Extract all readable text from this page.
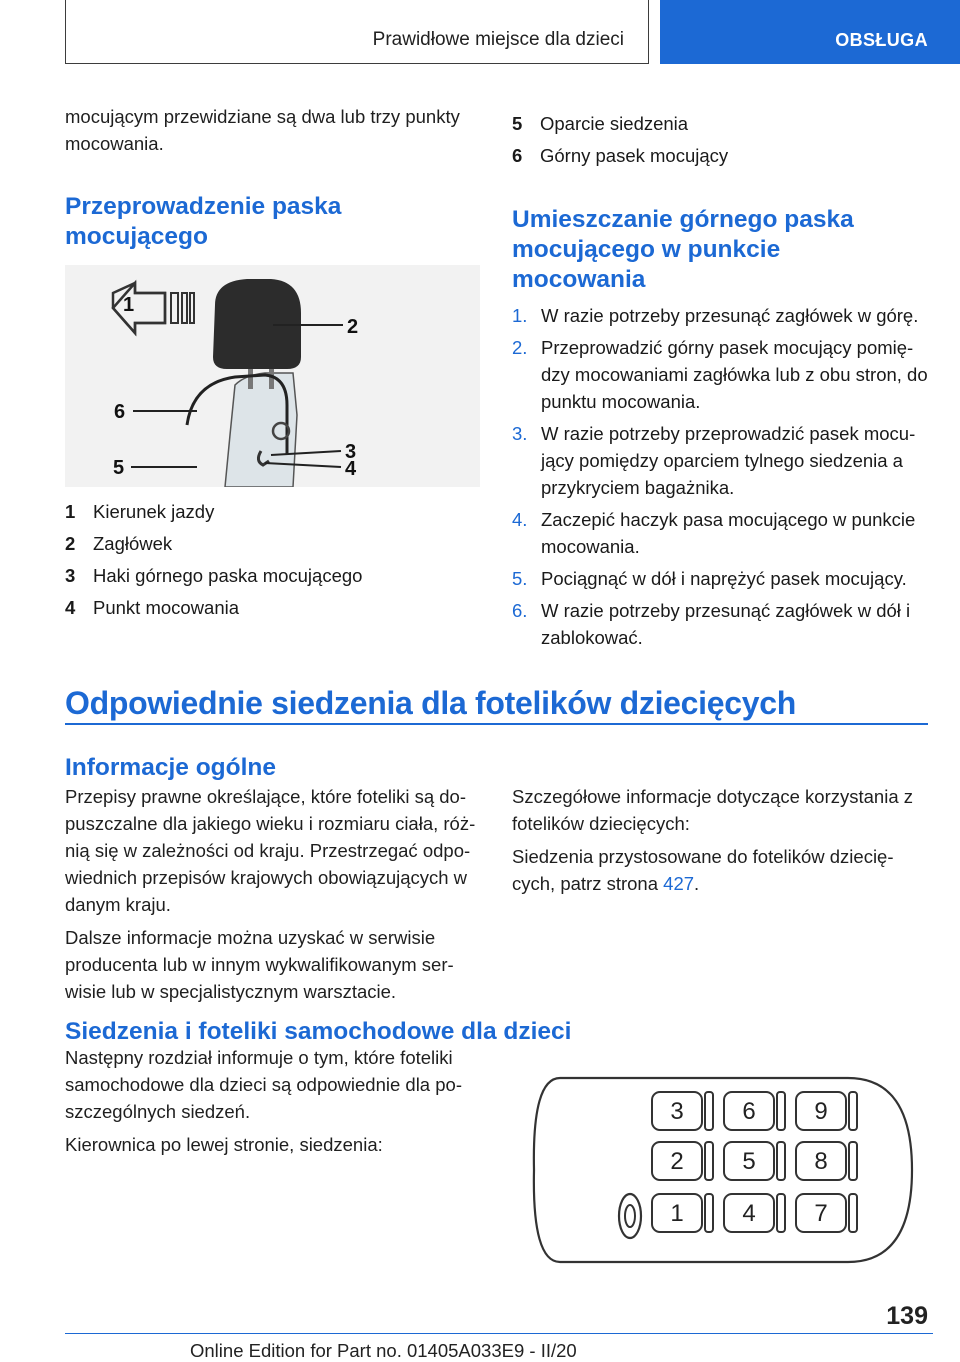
Prawidłowe miejsce dla dzieci	OBSŁUGA
mocującym przewidziane są dwa lub trzy punkty mocowania.
Przeprowadzenie paska mocującego
1
2
6
3
5	4
1 Kierunek jazdy
2 Zagłówek
3 Haki górnego paska mocującego
4 Punkt mocowania
5 Oparcie siedzenia
6 Górny pasek mocujący
Umieszczanie górnego paska mocującego w punkcie mocowania
1. W razie potrzeby przesunąć zagłówek w górę.
2. Przeprowadzić górny pasek mocujący pomię‐dzy mocowaniami zagłówka lub z obu stron, do punktu mocowania.
3. W razie potrzeby przeprowadzić pasek mocu‐jący pomiędzy oparciem tylnego siedzenia a przykryciem bagażnika.
4. Zaczepić haczyk pasa mocującego w punkcie mocowania.
5. Pociągnąć w dół i naprężyć pasek mocujący.
6. W razie potrzeby przesunąć zagłówek w dół i zablokować.
Odpowiednie siedzenia dla fotelików dziecięcych
Informacje ogólne
Przepisy prawne określające, które foteliki są do‐puszczalne dla jakiego wieku i rozmiaru ciała, róż‐nią się w zależności od kraju. Przestrzegać odpo‐wiednich przepisów krajowych obowiązujących w danym kraju.
Dalsze informacje można uzyskać w serwisie producenta lub w innym wykwalifikowanym ser‐wisie lub w specjalistycznym warsztacie.
Szczegółowe informacje dotyczące korzystania z fotelików dziecięcych:
Siedzenia przystosowane do fotelików dziecię‐cych, patrz strona 427.
Siedzenia i foteliki samochodowe dla dzieci
Następny rozdział informuje o tym, które foteliki samochodowe dla dzieci są odpowiednie dla po‐szczególnych siedzeń.
Kierownica po lewej stronie, siedzenia:
3 6 9
2 5 8
1 4 7
139
Online Edition for Part no. 01405A033E9 - II/20
